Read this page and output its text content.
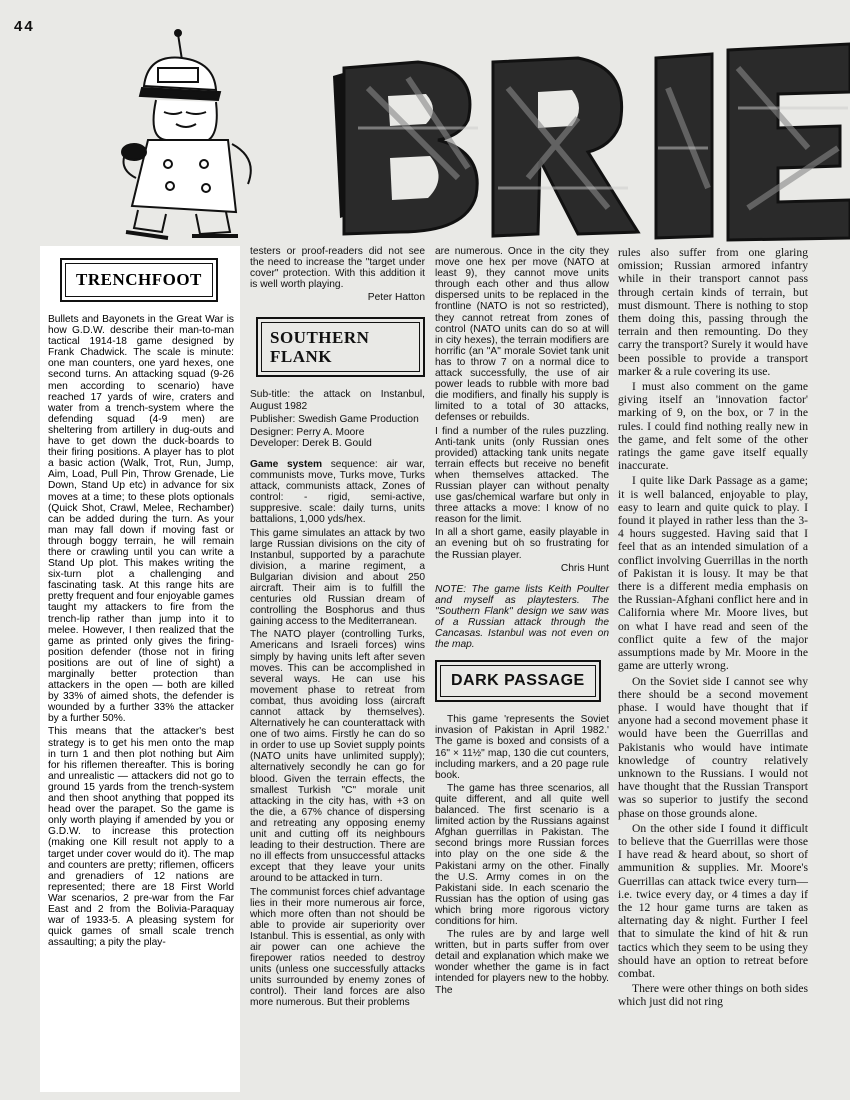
44
TRENCHFOOT

Bullets and Bayonets in the Great War is how G.D.W. describe their man-to-man tactical 1914-18 game designed by Frank Chadwick. The scale is minute: one man counters, one yard hexes, one second turns. An attacking squad (9-26 men according to scenario) have reached 17 yards of wire, craters and water from a trench-system where the defending squad (4-9 men) are sheltering from artillery in dug-outs and have to get down the duck-boards to their firing positions. A player has to plot a basic action (Walk, Trot, Run, Jump, Aim, Load, Pull Pin, Throw Grenade, Lie Down, Stand Up etc) in advance for six moves at a time; to these plots optionals (Quick Shot, Crawl, Melee, Rechamber) can be added during the turn. As your man may fall down if moving fast or through boggy terrain, he will remain there or crawling until you can write a Stand Up plot. This makes writing the six-turn plot a challenging and fascinating task. At this range hits are pretty frequent and four enjoyable games taught my attackers to fire from the trench-lip rather than jump into it to melee. However, I then realized that the game as printed only gives the firing-position defender (those not in firing positions are out of line of sight) a marginally better protection than attackers in the open — both are killed by 33% of aimed shots, the defender is wounded by a further 33% the attacker by a further 50%.

This means that the attacker's best strategy is to get his men onto the map in turn 1 and then plot nothing but Aim for his riflemen thereafter. This is boring and unrealistic — attackers did not go to ground 15 yards from the trench-system and then shoot anything that popped its head over the parapet. So the game is only worth playing if amended by you or G.D.W. to increase this protection (making one Kill result not apply to a target under cover would do it). The map and counters are pretty; riflemen, officers and grenadiers of 12 nations are represented; there are 18 First World War scenarios, 2 pre-war from the Far East and 2 from the Bolivia-Paraquay war of 1933-5. A pleasing system for quick games of small scale trench assaulting; a pity the play-

testers or proof-readers did not see the need to increase the "target under cover" protection. With this addition it is well worth playing.

Peter Hatton
SOUTHERN FLANK

Sub-title: the attack on Instanbul, August 1982

Publisher: Swedish Game Production

Designer: Perry A. Moore

Developer: Derek B. Gould

Game system sequence: air war, communists move, Turks move, Turks attack, communists attack, Zones of control: - rigid, semi-active, suppresive. scale: daily turns, units battalions, 1,000 yds/hex.

This game simulates an attack by two large Russian divisions on the city of Instanbul, supported by a parachute division, a marine regiment, a Bulgarian division and about 250 aircraft. Their aim is to fulfill the centuries old Russian dream of controlling the Bosphorus and thus gaining access to the Mediterranean.

The NATO player (controlling Turks, Americans and Israeli forces) wins simply by having units left after seven moves. This can be accomplished in several ways. He can use his movement phase to retreat from combat, thus avoiding loss (aircraft cannot attack by themselves). Alternatively he can counterattack with one of two aims. Firstly he can do so in order to use up Soviet supply points (NATO units have unlimited supply); alternatively secondly he can go for blood. Given the terrain effects, the smallest Turkish "C" morale unit attacking in the city has, with +3 on the die, a 67% chance of dispersing and retreating any opposing enemy unit and cutting off its neighbours leading to their destruction. There are no ill effects from unsuccessful attacks except that they leave your units around to be attacked in turn.

The communist forces chief advantage lies in their more numerous air force, which more often than not should be able to provide air superiority over Istanbul. This is essential, as only with air power can one achieve the firepower ratios needed to destroy units (unless one successfully attacks units surrounded by enemy zones of control). Their land forces are also more numerous. But their problems

are numerous. Once in the city they move one hex per move (NATO at least 9), they cannot move units through each other and thus allow dispersed units to be replaced in the frontline (NATO is not so restricted), they cannot retreat from zones of control (NATO units can do so at will in city hexes), the terrain modifiers are horrific (an "A" morale Soviet tank unit has to throw 7 on a normal dice to attack successfully, the use of air power leads to rubble with more bad die modifiers, and finally his supply is limited to a total of 30 attacks, defenses or rebuilds.

I find a number of the rules puzzling. Anti-tank units (only Russian ones provided) attacking tank units negate terrain effects but receive no benefit when themselves attacked. The Russian player can without penalty use gas/chemical warfare but only in three attacks a move: I know of no reason for the limit.

In all a short game, easily playable in an evening but oh so frustrating for the Russian player.

Chris Hunt

NOTE: The game lists Keith Poulter and myself as playtesters. The "Southern Flank" design we saw was of a Russian attack through the Cancasas. Istanbul was not even on the map.

DARK PASSAGE

This game 'represents the Soviet invasion of Pakistan in April 1982.' The game is boxed and consists of a 16" × 11½" map, 130 die cut counters, including markers, and a 20 page rule book.

The game has three scenarios, all quite different, and all quite well balanced. The first scenario is a limited action by the Russians against Afghan guerrillas in Pakistan. The second brings more Russian forces into play on the one side & the Pakistani army on the other. Finally the U.S. Army comes in on the Pakistani side. In each scenario the Russian has the option of using gas which bring more rigorous victory conditions for him.

The rules are by and large well written, but in parts suffer from over detail and explanation which make we wonder whether the game is in fact intended for players new to the hobby. The

rules also suffer from one glaring omission; Russian armored infantry while in their transport cannot pass through certain kinds of terrain, but must dismount. There is nothing to stop them doing this, passing through the terrain and then remounting. Do they carry the transport? Surely it would have been possible to provide a transport marker & a rule covering its use.

I must also comment on the game giving itself an 'innovation factor' marking of 9, on the box, or 7 in the rules. I could find nothing really new in the game, and felt some of the other ratings the game gave itself equally inaccurate.

I quite like Dark Passage as a game; it is well balanced, enjoyable to play, easy to learn and quite quick to play. I found it played in rather less than the 3-4 hours suggested. Having said that I feel that as an intended simulation of a conflict involving Guerrillas in the north of Pakistan it is lousy. It may be that there is a different media emphasis on the Russian-Afghani conflict here and in California where Mr. Moore lives, but on what I have read and seen of the conflict quite a few of the major assumptions made by Mr. Moore in the game are utterly wrong.

On the Soviet side I cannot see why there should be a second movement phase. I would have thought that if anyone had a second movement phase it would have been the Guerrillas and Pakistanis who would have intimate knowledge of country relatively unknown to the Russians. I would not have thought that the Russian Transport was so superior to justify the second phase on those grounds alone.

On the other side I found it difficult to believe that the Guerrillas were those I have read & heard about, so short of ammunition & supplies. Mr. Moore's Guerrillas can attack twice every turn—i.e. twice every day, or 4 times a day if the 12 hour game turns are taken as alternating day & night. Further I feel that to simulate the kind of hit & run tactics which they seem to be using they should have an option to retreat before combat.

There were other things on both sides which just did not ring
